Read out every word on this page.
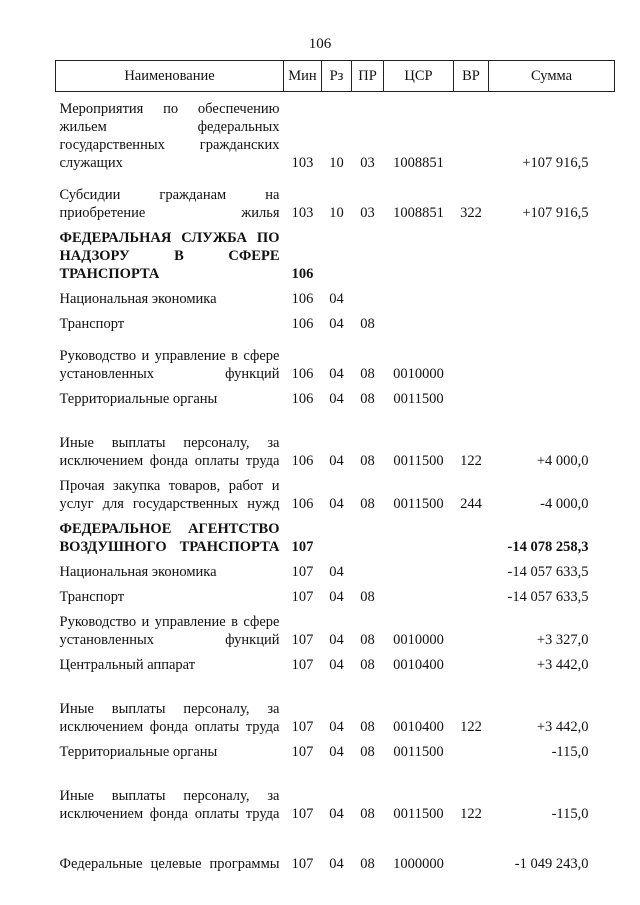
106
Наименование	Мин	Рз	ПР	ЦСР	ВР	Сумма
Мероприятия по обеспечению жильем федеральных государственных гражданских служащих	103	10	03	1008851		+107 916,5
Субсидии гражданам на приобретение жилья	103	10	03	1008851	322	+107 916,5
ФЕДЕРАЛЬНАЯ СЛУЖБА ПО НАДЗОРУ В СФЕРЕ ТРАНСПОРТА	106					
Национальная экономика	106	04				
Транспорт	106	04	08			
Руководство и управление в сфере установленных функций	106	04	08	0010000		
Территориальные органы	106	04	08	0011500		
Иные выплаты персоналу, за исключением фонда оплаты труда	106	04	08	0011500	122	+4 000,0
Прочая закупка товаров, работ и услуг для государственных нужд	106	04	08	0011500	244	-4 000,0
ФЕДЕРАЛЬНОЕ АГЕНТСТВО ВОЗДУШНОГО ТРАНСПОРТА	107					-14 078 258,3
Национальная экономика	107	04				-14 057 633,5
Транспорт	107	04	08			-14 057 633,5
Руководство и управление в сфере установленных функций	107	04	08	0010000		+3 327,0
Центральный аппарат	107	04	08	0010400		+3 442,0
Иные выплаты персоналу, за исключением фонда оплаты труда	107	04	08	0010400	122	+3 442,0
Территориальные органы	107	04	08	0011500		-115,0
Иные выплаты персоналу, за исключением фонда оплаты труда	107	04	08	0011500	122	-115,0
Федеральные целевые программы	107	04	08	1000000		-1 049 243,0
